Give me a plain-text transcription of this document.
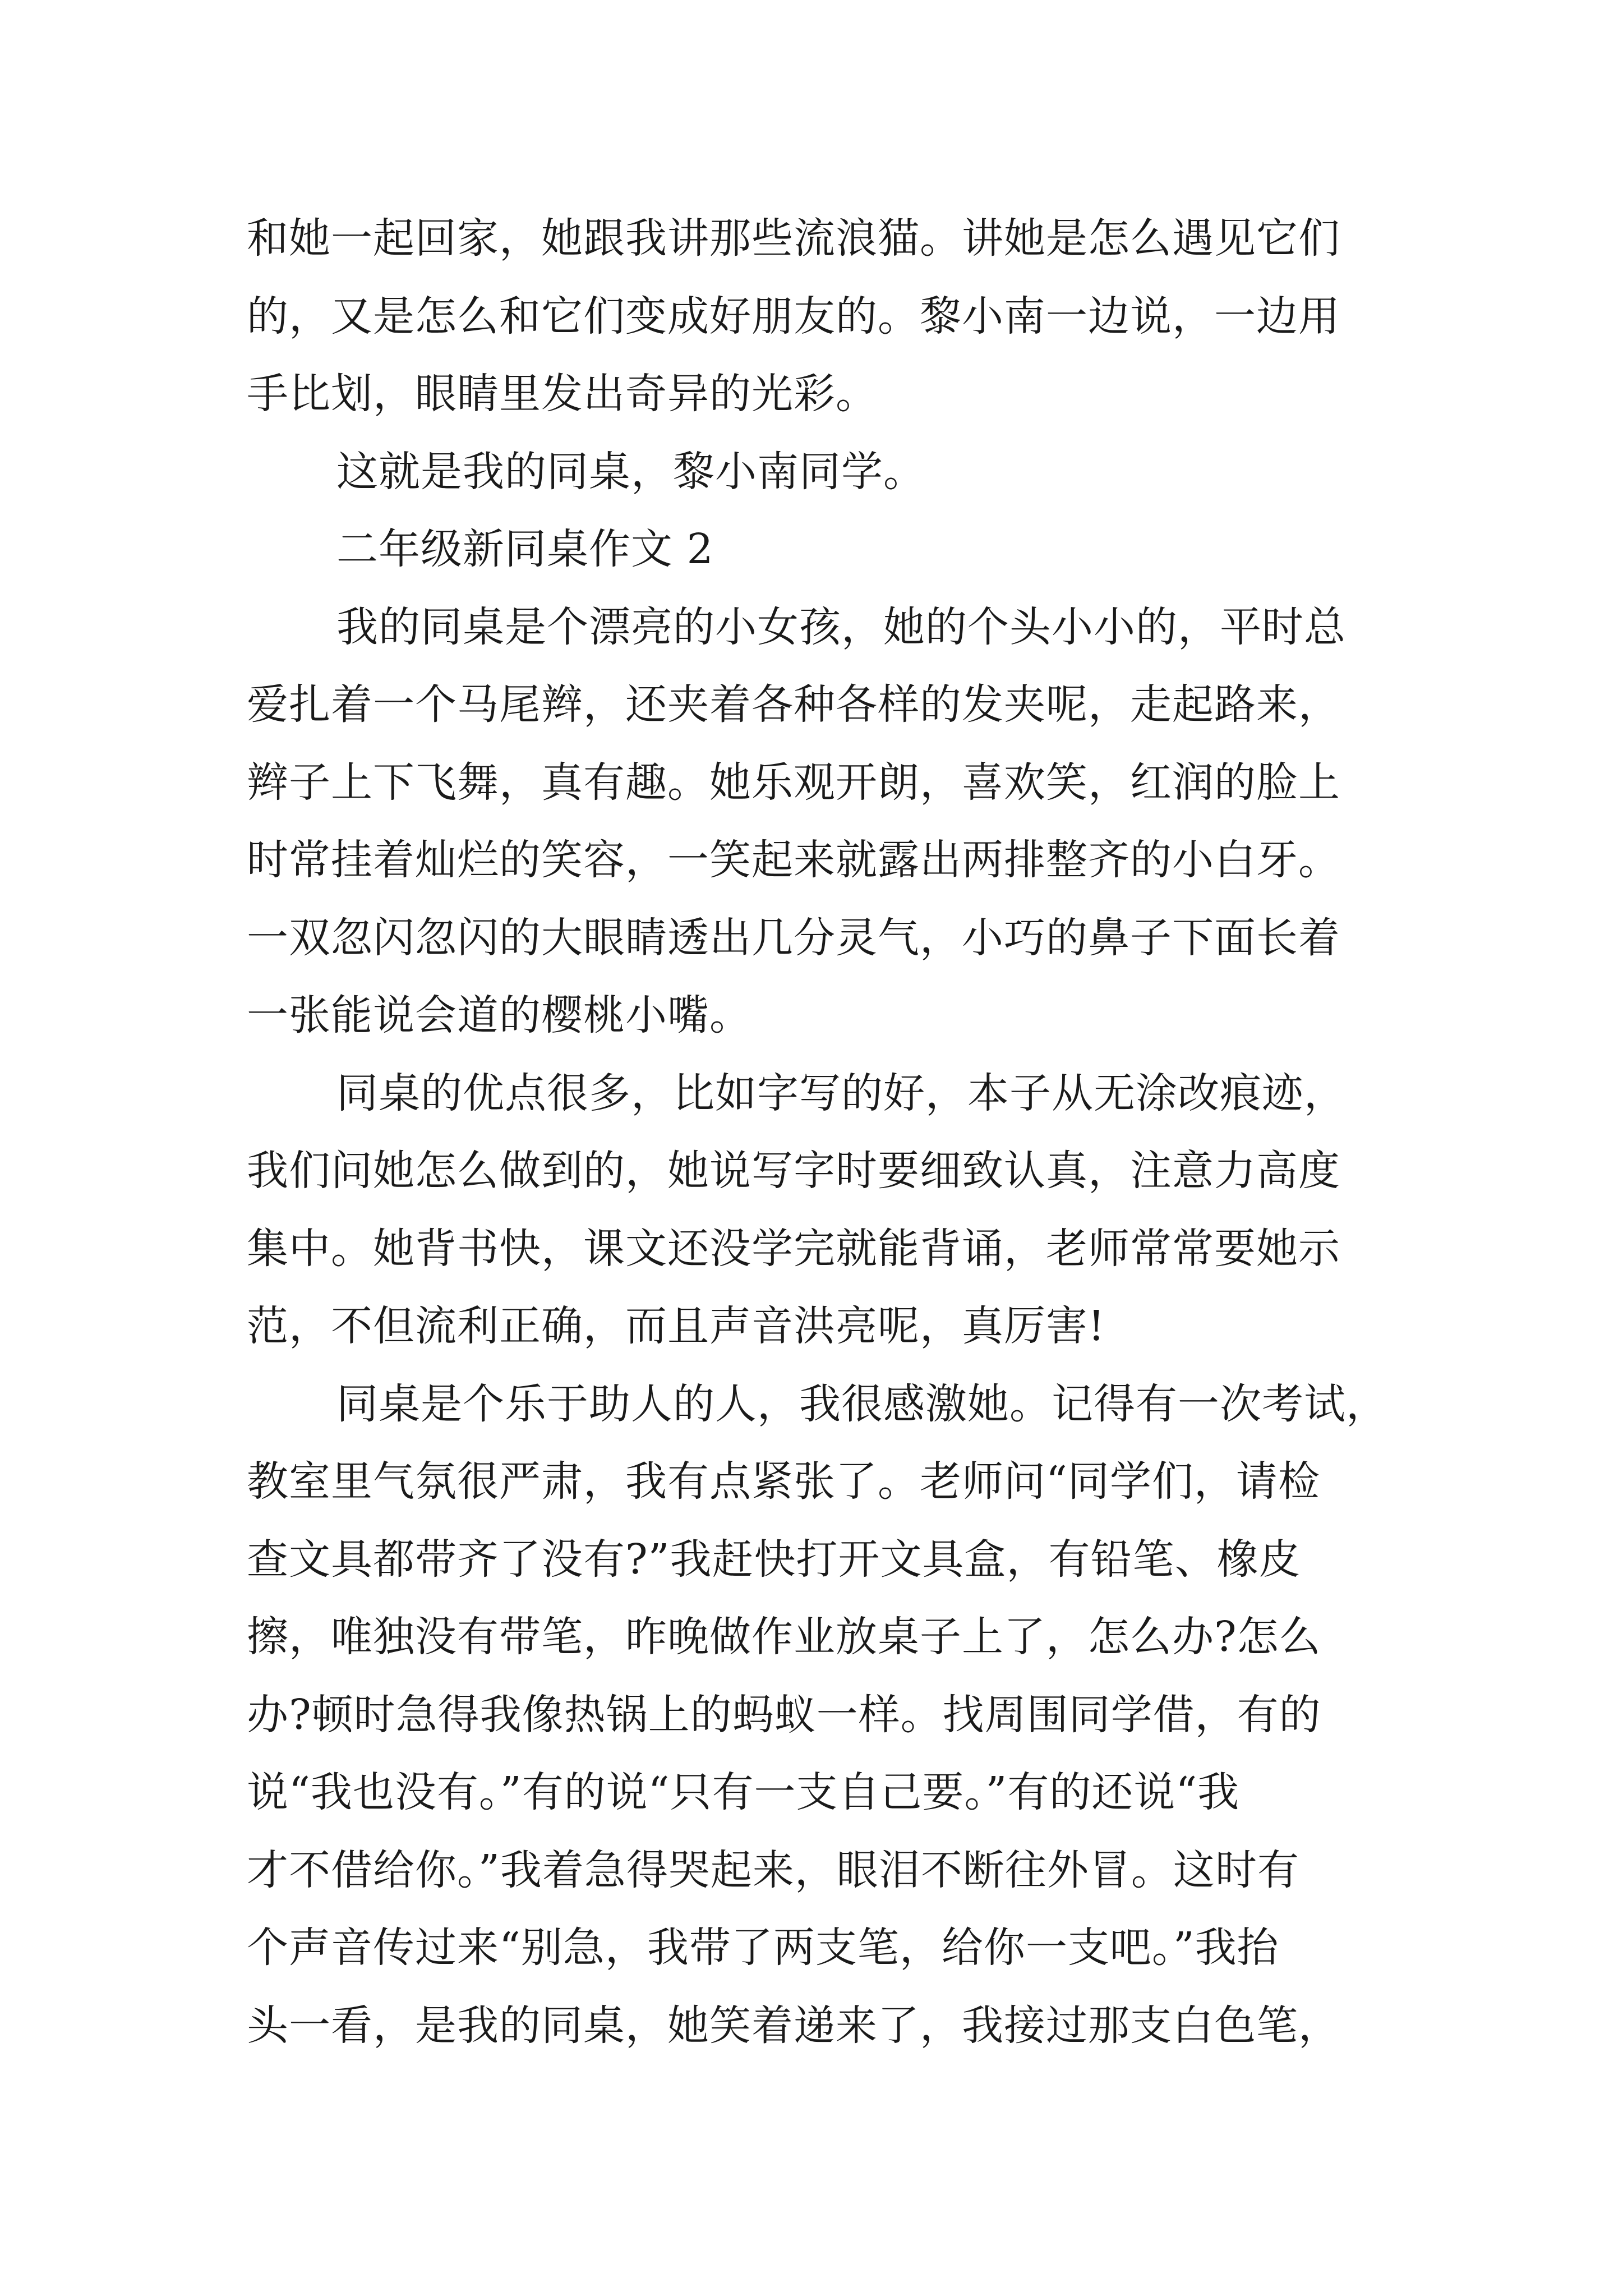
和她一起回家，她跟我讲那些流浪猫。讲她是怎么遇见它们
的，又是怎么和它们变成好朋友的。黎小南一边说，一边用
手比划，眼睛里发出奇异的光彩。
这就是我的同桌，黎小南同学。
二年级新同桌作文 2
我的同桌是个漂亮的小女孩，她的个头小小的，平时总
爱扎着一个马尾辫，还夹着各种各样的发夹呢，走起路来，
辫子上下飞舞，真有趣。她乐观开朗，喜欢笑，红润的脸上
时常挂着灿烂的笑容，一笑起来就露出两排整齐的小白牙。
一双忽闪忽闪的大眼睛透出几分灵气，小巧的鼻子下面长着
一张能说会道的樱桃小嘴。
同桌的优点很多，比如字写的好，本子从无涂改痕迹，
我们问她怎么做到的，她说写字时要细致认真，注意力高度
集中。她背书快，课文还没学完就能背诵，老师常常要她示
范，不但流利正确，而且声音洪亮呢，真厉害!
同桌是个乐于助人的人，我很感激她。记得有一次考试，
教室里气氛很严肃，我有点紧张了。老师问“同学们，请检
查文具都带齐了没有?”我赶快打开文具盒，有铅笔、橡皮
擦，唯独没有带笔，昨晚做作业放桌子上了，怎么办?怎么
办?顿时急得我像热锅上的蚂蚁一样。找周围同学借，有的
说“我也没有。”有的说“只有一支自己要。”有的还说“我
才不借给你。”我着急得哭起来，眼泪不断往外冒。这时有
个声音传过来“别急，我带了两支笔，给你一支吧。”我抬
头一看，是我的同桌，她笑着递来了，我接过那支白色笔，
